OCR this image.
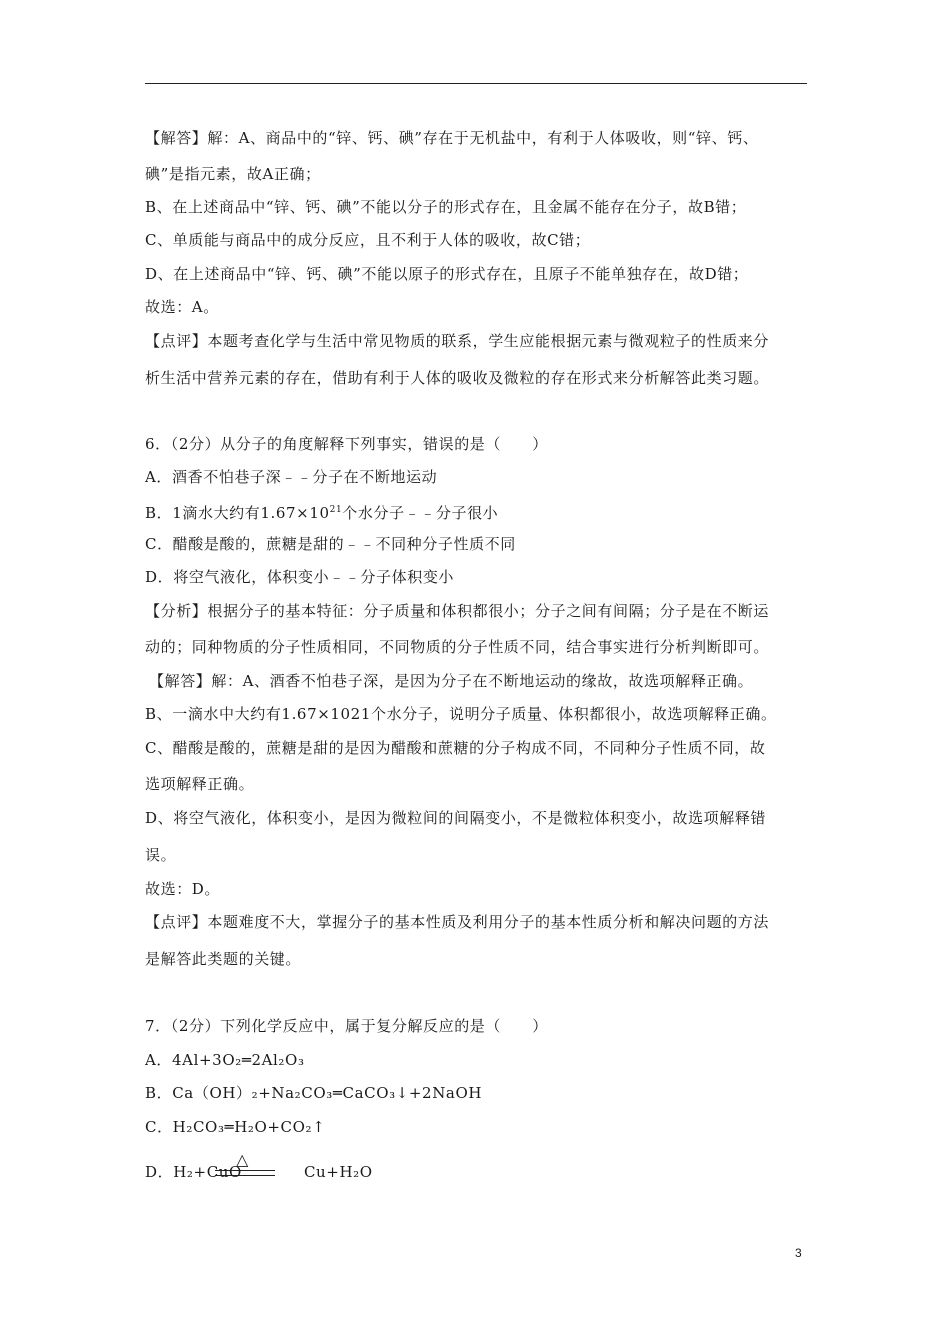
【解答】解：A、商品中的“锌、钙、碘”存在于无机盐中，有利于人体吸收，则“锌、钙、
碘”是指元素，故A正确；
B、在上述商品中“锌、钙、碘”不能以分子的形式存在，且金属不能存在分子，故B错；
C、单质能与商品中的成分反应，且不利于人体的吸收，故C错；
D、在上述商品中“锌、钙、碘”不能以原子的形式存在，且原子不能单独存在，故D错；
故选：A。
【点评】本题考查化学与生活中常见物质的联系，学生应能根据元素与微观粒子的性质来分
析生活中营养元素的存在，借助有利于人体的吸收及微粒的存在形式来分析解答此类习题。
6．（2分）从分子的角度解释下列事实，错误的是（　　）
A．酒香不怕巷子深﹣﹣分子在不断地运动
B．1滴水大约有$1.67\times 10^{21}$个水分子﹣﹣分子很小
C．醋酸是酸的，蔗糖是甜的﹣﹣不同种分子性质不同
D．将空气液化，体积变小﹣﹣分子体积变小
【分析】根据分子的基本特征：分子质量和体积都很小；分子之间有间隔；分子是在不断运
动的；同种物质的分子性质相同，不同物质的分子性质不同，结合事实进行分析判断即可。
【解答】解：A、酒香不怕巷子深，是因为分子在不断地运动的缘故，故选项解释正确。
B、一滴水中大约有1.67×1021个水分子，说明分子质量、体积都很小，故选项解释正确。
C、醋酸是酸的，蔗糖是甜的是因为醋酸和蔗糖的分子构成不同，不同种分子性质不同，故
选项解释正确。
D、将空气液化，体积变小，是因为微粒间的间隔变小，不是微粒体积变小，故选项解释错
误。
故选：D。
【点评】本题难度不大，掌握分子的基本性质及利用分子的基本性质分析和解决问题的方法
是解答此类题的关键。
7．（2分）下列化学反应中，属于复分解反应的是（　　）
A．4Al+3O₂═2Al₂O₃
B．Ca（OH）₂+Na₂CO₃═CaCO₃↓+2NaOH
C．H₂CO₃═H₂O+CO₂↑
D．H₂+CuO	Cu+H₂O
△
3
